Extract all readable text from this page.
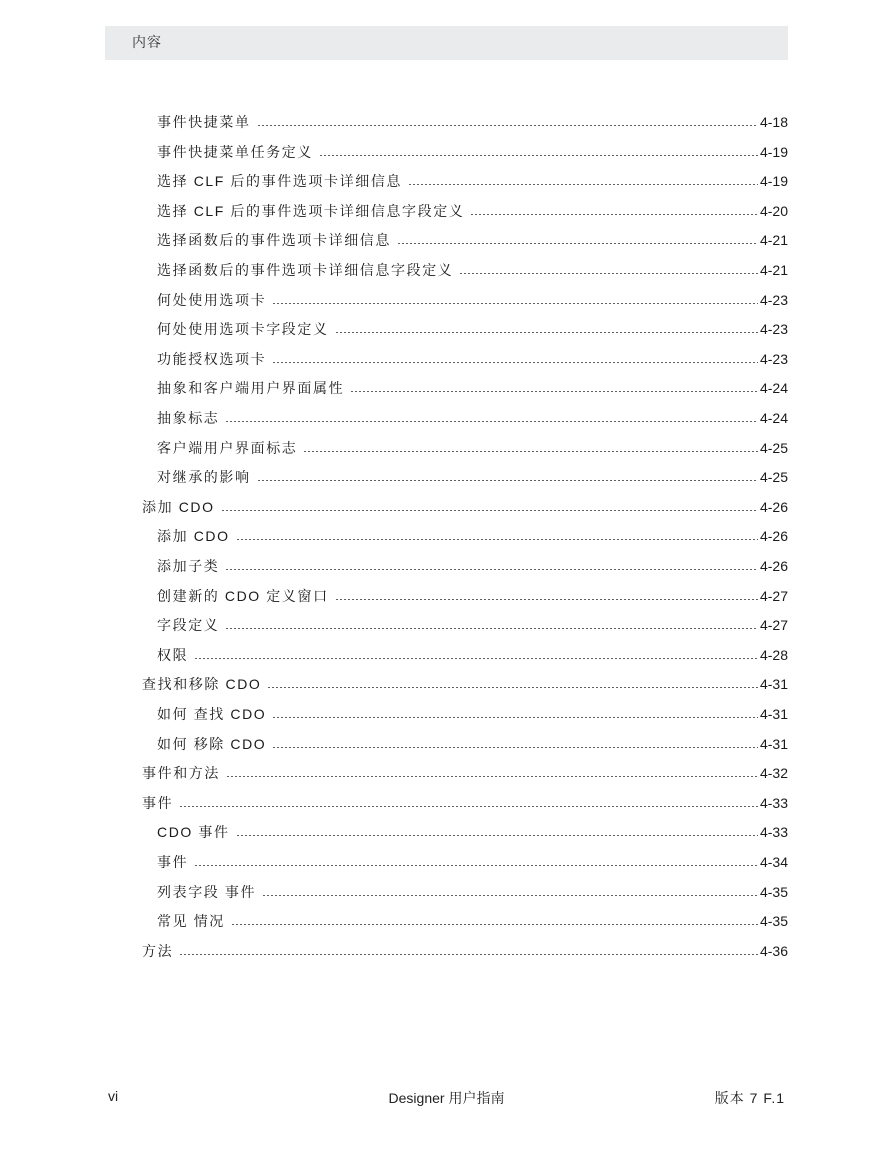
内容
事件快捷菜单	4-18
事件快捷菜单任务定义	4-19
选择 CLF 后的事件选项卡详细信息	4-19
选择 CLF 后的事件选项卡详细信息字段定义	4-20
选择函数后的事件选项卡详细信息	4-21
选择函数后的事件选项卡详细信息字段定义	4-21
何处使用选项卡	4-23
何处使用选项卡字段定义	4-23
功能授权选项卡	4-23
抽象和客户端用户界面属性	4-24
抽象标志	4-24
客户端用户界面标志	4-25
对继承的影响	4-25
添加 CDO	4-26
添加 CDO	4-26
添加子类	4-26
创建新的 CDO 定义窗口	4-27
字段定义	4-27
权限	4-28
查找和移除 CDO	4-31
如何 查找 CDO	4-31
如何 移除 CDO	4-31
事件和方法	4-32
事件	4-33
CDO 事件	4-33
事件	4-34
列表字段 事件	4-35
常见 情况	4-35
方法	4-36
vi	Designer 用户指南	版本 7 F.1
